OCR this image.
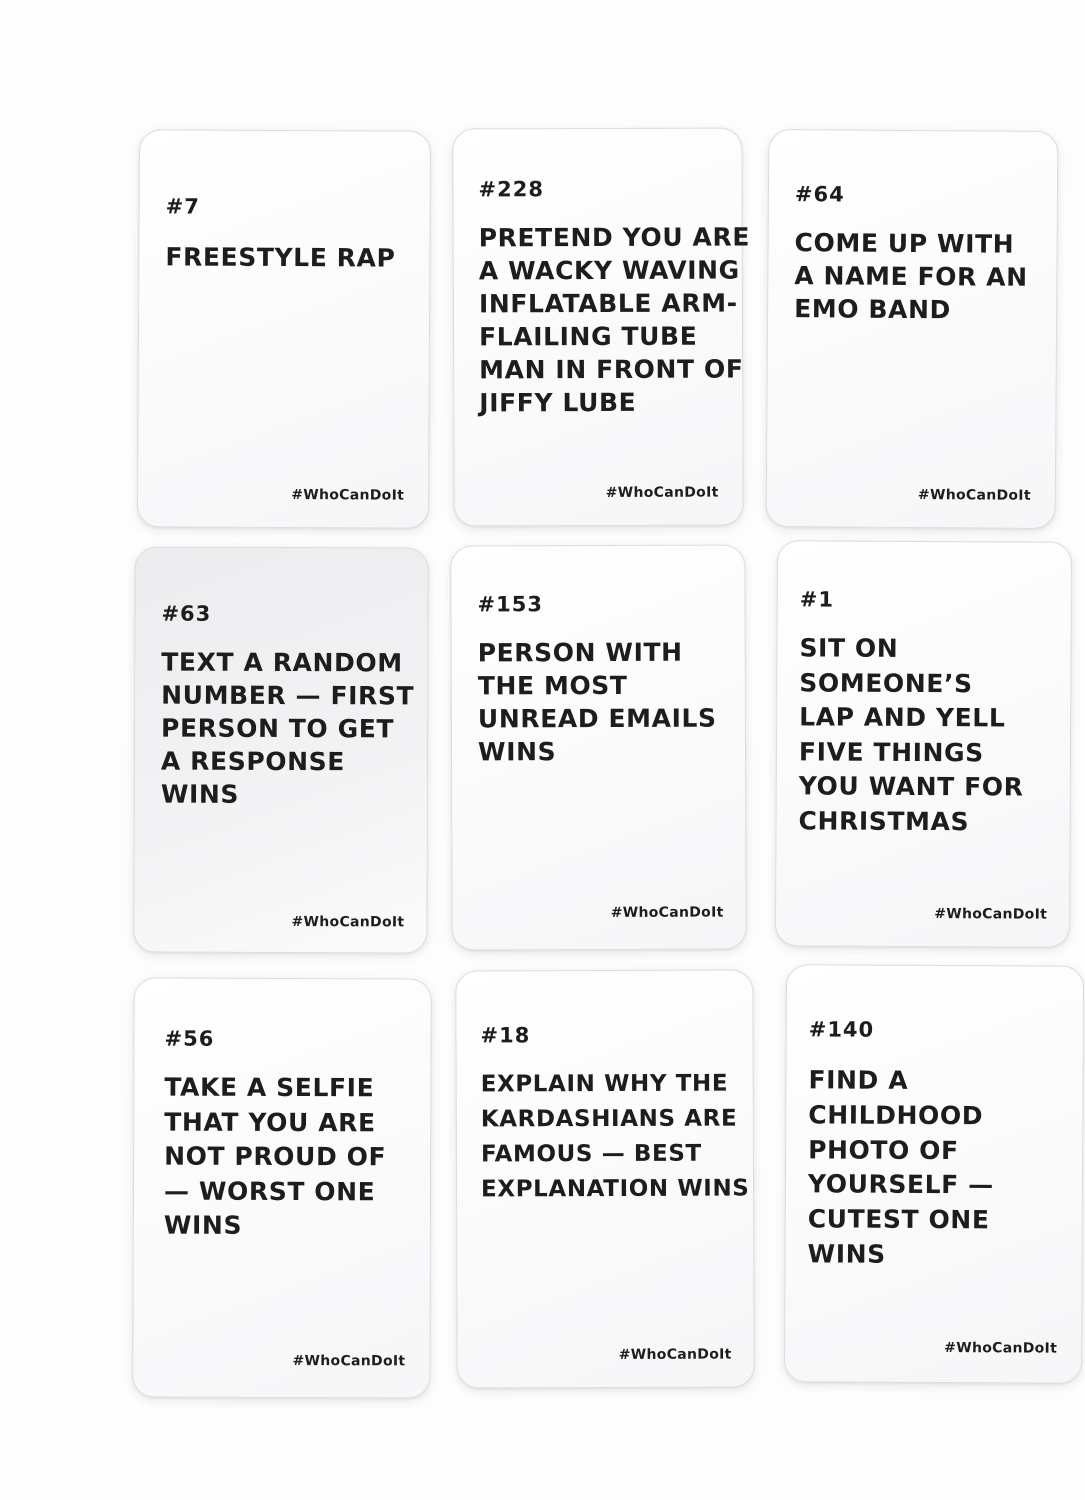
#7
FREESTYLE RAP
#WhoCanDoIt
#228
PRETEND YOU ARE
A WACKY WAVING
INFLATABLE ARM-
FLAILING TUBE
MAN IN FRONT OF
JIFFY LUBE
#WhoCanDoIt
#64
COME UP WITH
A NAME FOR AN
EMO BAND
#WhoCanDoIt
#63
TEXT A RANDOM
NUMBER — FIRST
PERSON TO GET
A RESPONSE
WINS
#WhoCanDoIt
#153
PERSON WITH
THE MOST
UNREAD EMAILS
WINS
#WhoCanDoIt
#1
SIT ON
SOMEONE’S
LAP AND YELL
FIVE THINGS
YOU WANT FOR
CHRISTMAS
#WhoCanDoIt
#56
TAKE A SELFIE
THAT YOU ARE
NOT PROUD OF
— WORST ONE
WINS
#WhoCanDoIt
#18
EXPLAIN WHY THE
KARDASHIANS ARE
FAMOUS — BEST
EXPLANATION WINS
#WhoCanDoIt
#140
FIND A
CHILDHOOD
PHOTO OF
YOURSELF —
CUTEST ONE
WINS
#WhoCanDoIt
